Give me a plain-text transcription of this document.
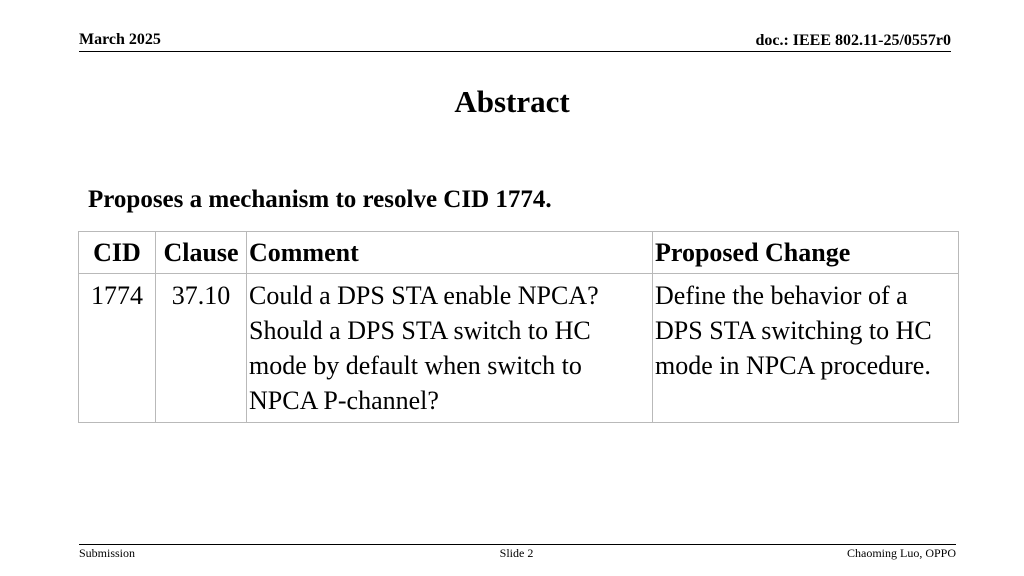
March 2025	doc.: IEEE 802.11-25/0557r0
Abstract
Proposes a mechanism to resolve CID 1774.
CID	Clause	Comment	Proposed Change
1774	37.10	Could a DPS STA enable NPCA? Should a DPS STA switch to HC mode by default when switch to NPCA P-channel?	Define the behavior of a DPS STA switching to HC mode in NPCA procedure.
Submission	Slide 2	Chaoming Luo, OPPO
